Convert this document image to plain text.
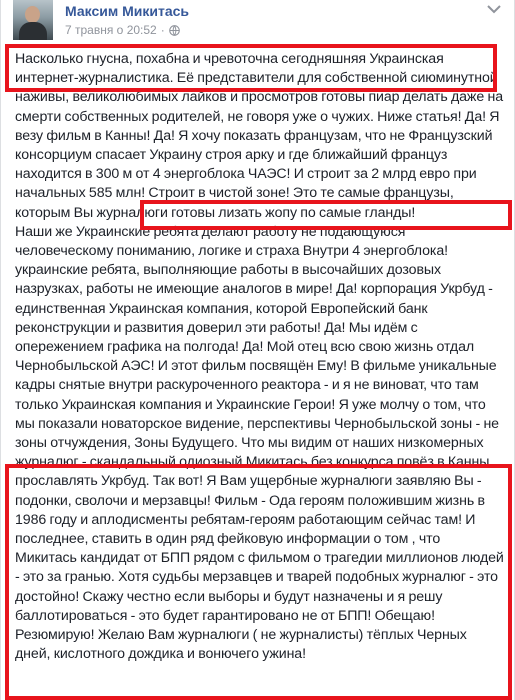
Максим Микитась
7 травня о 20:52 ·

Насколько гнусна, похабна и чревоточна сегодняшняя Украинская интернет-журналистика. Её представители для собственной сиюминутной наживы, великолюбимых лайков и просмотров готовы пиар делать даже на смерти собственных родителей, не говоря уже о чужих. Ниже статья! Да! Я везу фильм в Канны! Да! Я хочу показать французам, что не Французский консорциум спасает Украину строя арку и где ближайший француз находится в 300 м от 4 энергоблока ЧАЭС! И строит за 2 млрд евро при начальных 585 млн! Строит в чистой зоне! Это те самые французы, которым Вы журналюги готовы лизать жопу по самые гланды!

Наши же Украинские ребята делают работу не подающуюся человеческому пониманию, логике и страха Внутри 4 энергоблока! украинские ребята, выполняющие работы в высочайших дозовых назрузках, работы не имеющие аналогов в мире! Да! корпорация Укрбуд - единственная Украинская компания, которой Европейский банк реконструкции и развития доверил эти работы! Да! Мы идём с опережением графика на полгода! Да! Мой отец всю свою жизнь отдал Чернобыльской АЭС! И этот фильм посвящён Ему! В фильме уникальные кадры снятые внутри раскуроченного реактора - и я не виноват, что там только Украинская компания и Украинские Герои! Я уже молчу о том, что мы показали новаторское видение, перспективы Чернобыльской зоны - не зоны отчуждения, Зоны Будущего. Что мы видим от наших низкомерных журналюг - скандальный одиозный Микитась без конкурса повёз в Канны прославлять Укрбуд. Так вот! Я Вам ущербные журналюги заявляю Вы - подонки, сволочи и мерзавцы! Фильм - Ода героям положившим жизнь в 1986 году и аплодисменты ребятам-героям работающим сейчас там! И последнее, ставить в один ряд фейковую информации о том , что Микитась кандидат от БПП рядом с фильмом о трагедии миллионов людей - это за гранью. Хотя судьбы мерзавцев и тварей подобных журналюг - это достойно! Скажу честно если выборы и будут назначены и я решу баллотироваться - это будет гарантировано не от БПП! Обещаю! Резюмирую! Желаю Вам журналюги ( не журналисты) тёплых Черных дней, кислотного дождика и вонючего ужина!
